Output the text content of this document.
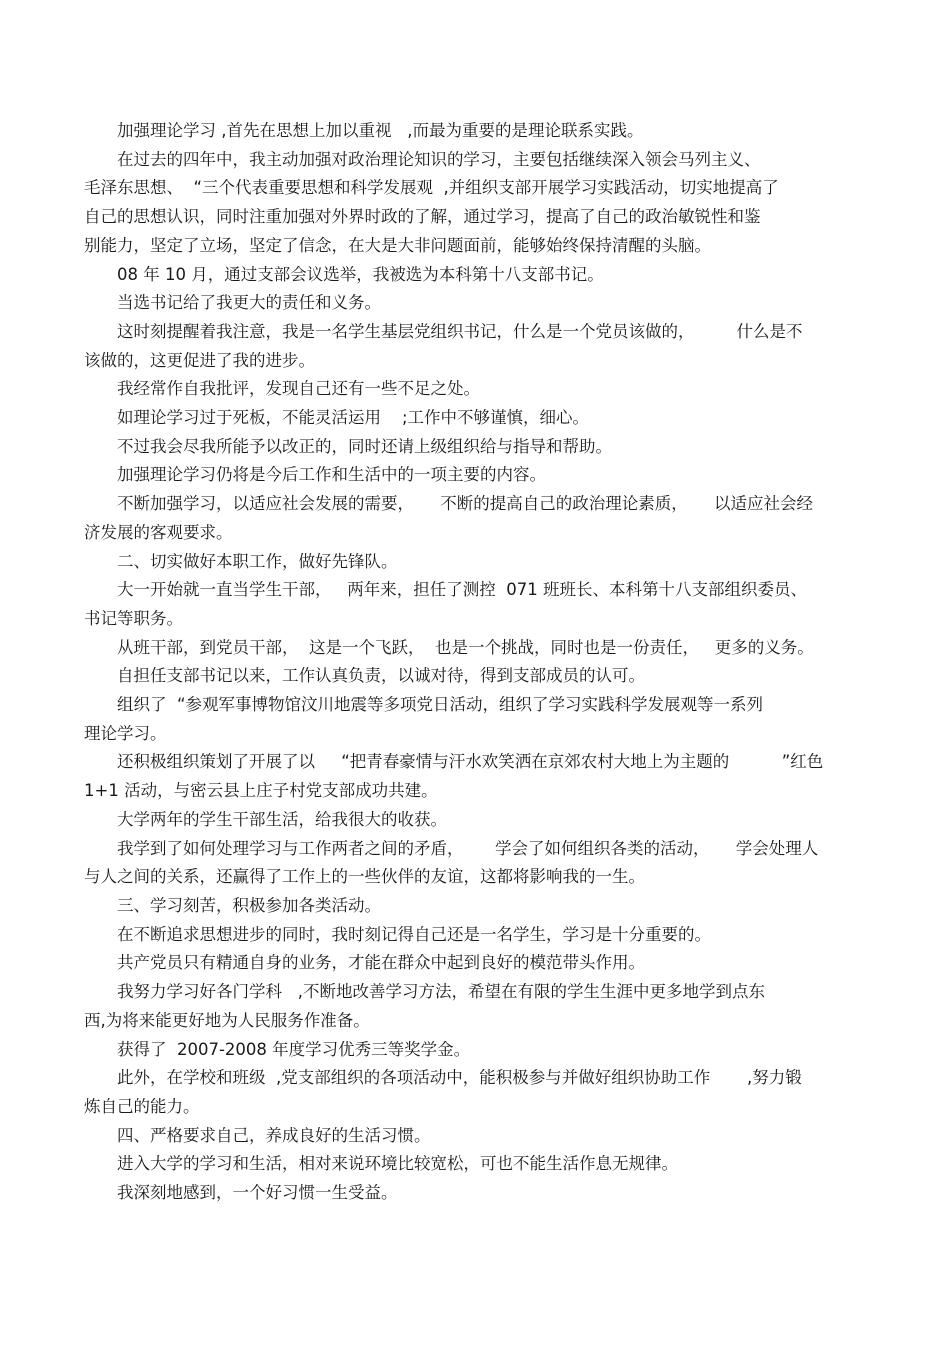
加强理论学习 ,首先在思想上加以重视   ,而最为重要的是理论联系实践。

在过去的四年中，我主动加强对政治理论知识的学习，主要包括继续深入领会马列主义、
毛泽东思想、  “三个代表重要思想和科学发展观  ,并组织支部开展学习实践活动，切实地提高了
自己的思想认识，同时注重加强对外界时政的了解，通过学习，提高了自己的政治敏锐性和鉴
别能力，坚定了立场，坚定了信念，在大是大非问题面前，能够始终保持清醒的头脑。

08 年 10 月，通过支部会议选举，我被选为本科第十八支部书记。

当选书记给了我更大的责任和义务。

这时刻提醒着我注意，我是一名学生基层党组织书记，什么是一个党员该做的，        什么是不
该做的，这更促进了我的进步。

我经常作自我批评，发现自己还有一些不足之处。

如理论学习过于死板，不能灵活运用    ;工作中不够谨慎，细心。

不过我会尽我所能予以改正的，同时还请上级组织给与指导和帮助。

加强理论学习仍将是今后工作和生活中的一项主要的内容。

不断加强学习，以适应社会发展的需要，     不断的提高自己的政治理论素质，     以适应社会经
济发展的客观要求。

二、切实做好本职工作，做好先锋队。

大一开始就一直当学生干部，   两年来，担任了测控  071 班班长、本科第十八支部组织委员、
书记等职务。

从班干部，到党员干部，  这是一个飞跃，  也是一个挑战，同时也是一份责任，   更多的义务。

自担任支部书记以来，工作认真负责，以诚对待，得到支部成员的认可。

组织了  “参观军事博物馆汶川地震等多项党日活动，组织了学习实践科学发展观等一系列
理论学习。

还积极组织策划了开展了以     “把青春豪情与汗水欢笑洒在京郊农村大地上为主题的          ”红色
1+1 活动，与密云县上庄子村党支部成功共建。

大学两年的学生干部生活，给我很大的收获。

我学到了如何处理学习与工作两者之间的矛盾，      学会了如何组织各类的活动，     学会处理人
与人之间的关系，还赢得了工作上的一些伙伴的友谊，这都将影响我的一生。

三、学习刻苦，积极参加各类活动。

在不断追求思想进步的同时，我时刻记得自己还是一名学生，学习是十分重要的。

共产党员只有精通自身的业务，才能在群众中起到良好的模范带头作用。

我努力学习好各门学科   ,不断地改善学习方法，希望在有限的学生生涯中更多地学到点东
西,为将来能更好地为人民服务作准备。

获得了  2007-2008 年度学习优秀三等奖学金。

此外，在学校和班级  ,党支部组织的各项活动中，能积极参与并做好组织协助工作       ,努力锻
炼自己的能力。

四、严格要求自己，养成良好的生活习惯。

进入大学的学习和生活，相对来说环境比较宽松，可也不能生活作息无规律。

我深刻地感到，一个好习惯一生受益。
